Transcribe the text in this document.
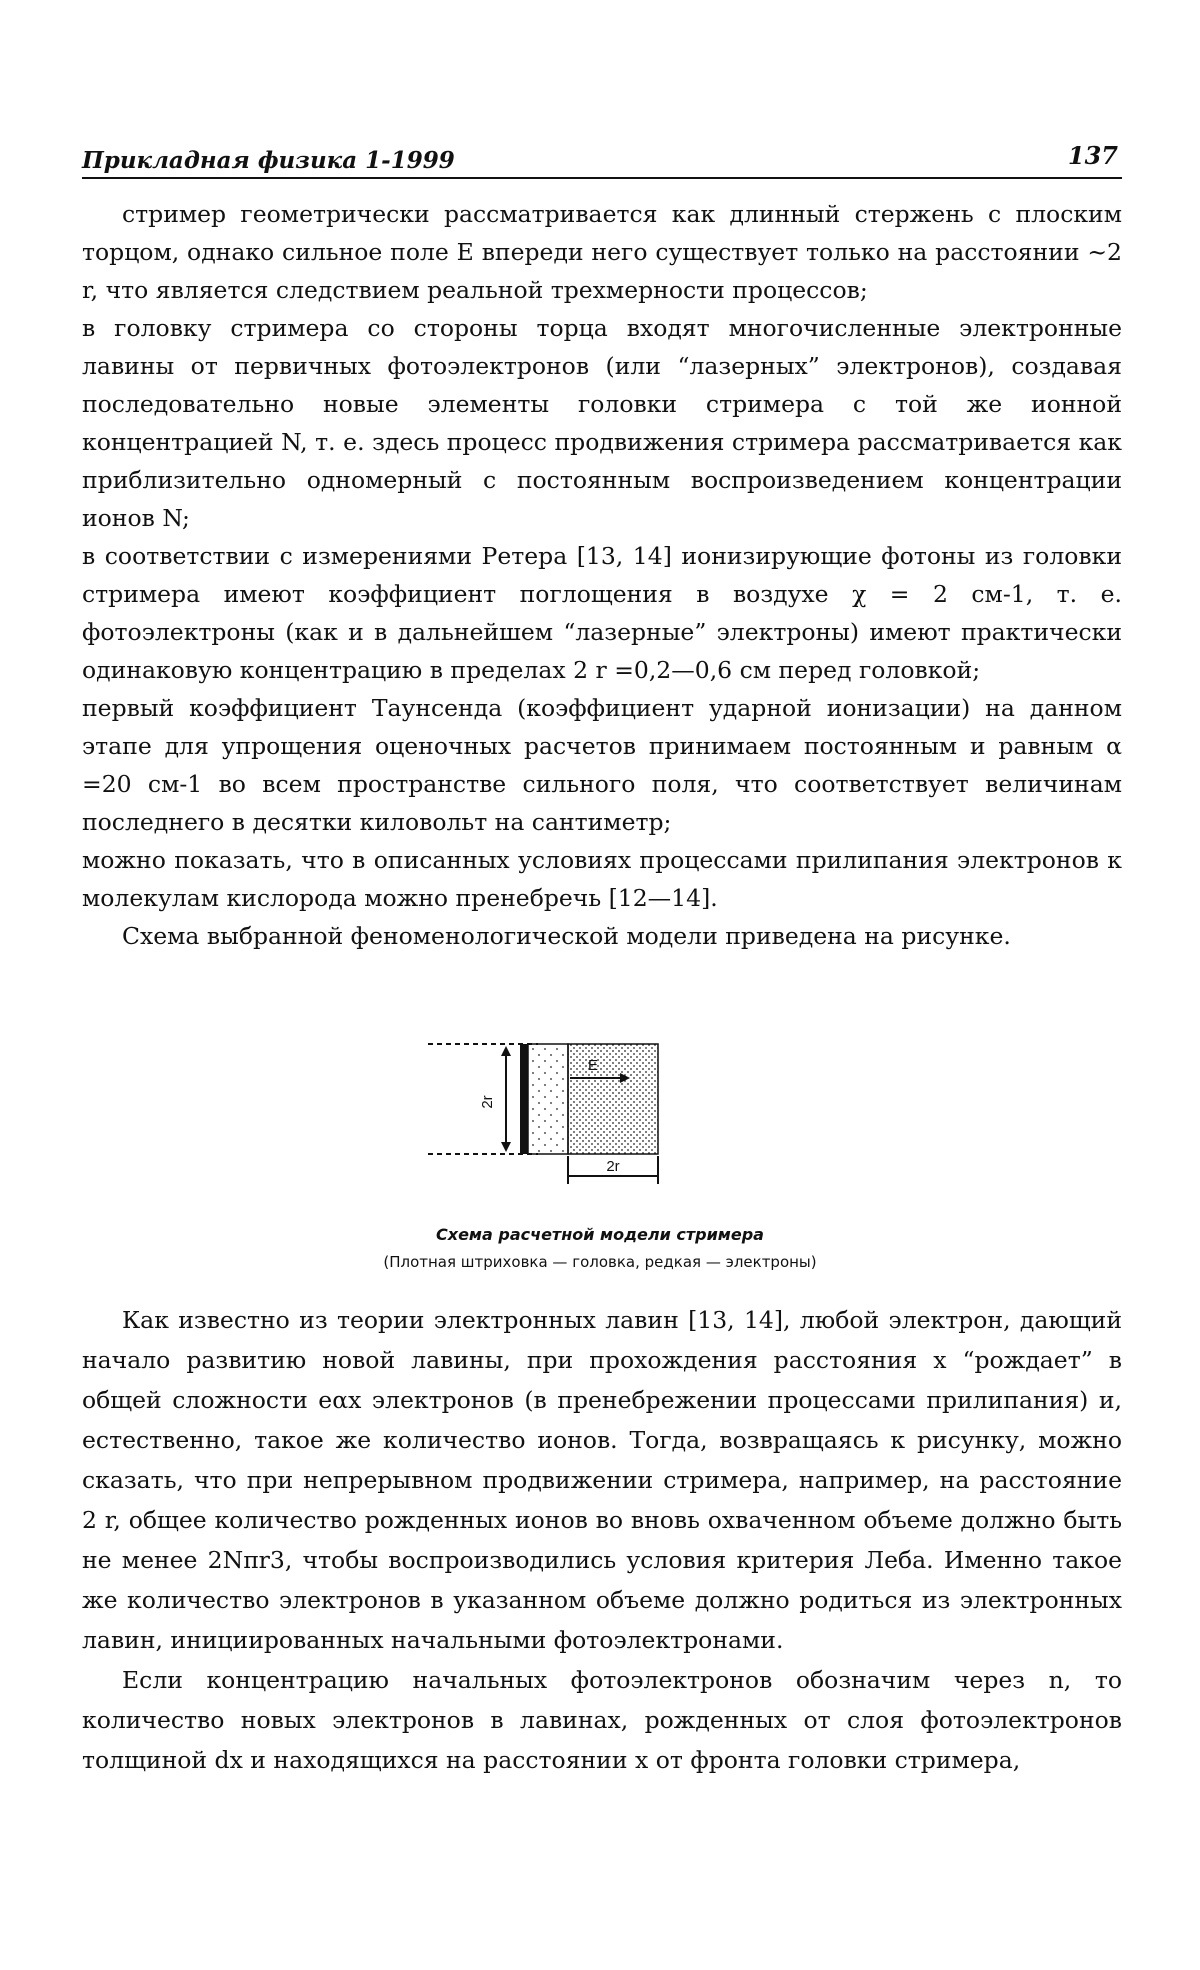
Прикладная физика 1-1999	137

стример геометрически рассматривается как длинный стержень с плоским торцом, однако сильное поле E впереди него существует только на расстоянии ~2 r, что является следствием реальной трехмерности процессов;

в головку стримера со стороны торца входят многочисленные электронные лавины от первичных фотоэлектронов (или “лазерных” электронов), создавая последовательно новые элементы головки стримера с той же ионной концентрацией N, т. е. здесь процесс продвижения стримера рассматривается как приблизительно одномерный с постоянным воспроизведением концентрации ионов N;

в соответствии с измерениями Ретера [13, 14] ионизирующие фотоны из головки стримера имеют коэффициент поглощения в воздухе χ = 2 см-1, т. е. фотоэлектроны (как и в дальнейшем “лазерные” электроны) имеют практически одинаковую концентрацию в пределах 2 r =0,2—0,6 см перед головкой;

первый коэффициент Таунсенда (коэффициент ударной ионизации) на данном этапе для упрощения оценочных расчетов принимаем постоянным и равным α =20 см-1 во всем пространстве сильного поля, что соответствует величинам последнего в десятки киловольт на сантиметр;

можно показать, что в описанных условиях процессами прилипания электронов к молекулам кислорода можно пренебречь [12—14].

Схема выбранной феноменологической модели приведена на рисунке.

2r
E
2r
Схема расчетной модели стримера
(Плотная штриховка — головка, редкая — электроны)

Как известно из теории электронных лавин [13, 14], любой электрон, дающий начало развитию новой лавины, при прохождения расстояния x “рождает” в общей сложности eαx электронов (в пренебрежении процессами прилипания) и, естественно, такое же количество ионов. Тогда, возвращаясь к рисунку, можно сказать, что при непрерывном продвижении стримера, например, на расстояние 2 r, общее количество рожденных ионов во вновь охваченном объеме должно быть не менее 2Nπr3, чтобы воспроизводились условия критерия Леба. Именно такое же количество электронов в указанном объеме должно родиться из электронных лавин, инициированных начальными фотоэлектронами.

Если концентрацию начальных фотоэлектронов обозначим через n, то количество новых электронов в лавинах, рожденных от слоя фотоэлектронов толщиной dx и находящихся на расстоянии x от фронта головки стримера,
